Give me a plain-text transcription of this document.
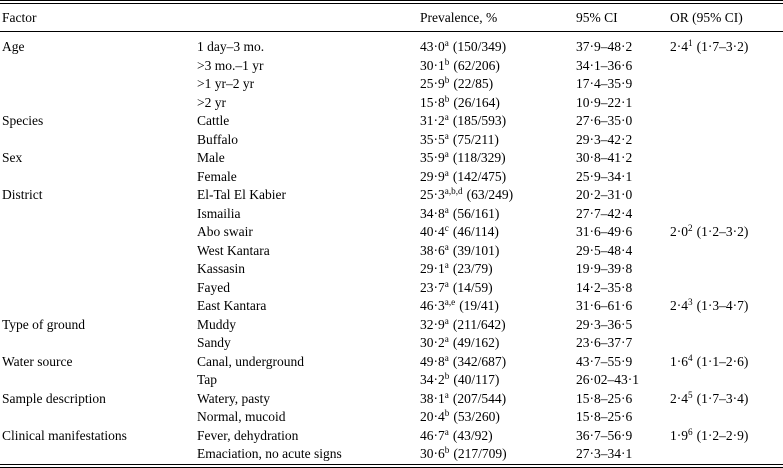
Factor		Prevalence, %	95% CI	OR (95% CI)
Age	1 day–3 mo.	$43\cdot 0^a$ (150/349)	37·9–48·2	$2\cdot 4^1$ (1·7–3·2)
	>3 mo.–1 yr	$30\cdot 1^b$ (62/206)	34·1–36·6	
	>1 yr–2 yr	$25\cdot 9^b$ (22/85)	17·4–35·9	
	>2 yr	$15\cdot 8^b$ (26/164)	10·9–22·1	
Species	Cattle	$31\cdot 2^a$ (185/593)	27·6–35·0	
	Buffalo	$35\cdot 5^a$ (75/211)	29·3–42·2	
Sex	Male	$35\cdot 9^a$ (118/329)	30·8–41·2	
	Female	$29\cdot 9^a$ (142/475)	25·9–34·1	
District	El-Tal El Kabier	$25\cdot 3^{a,b,d}$ (63/249)	20·2–31·0	
	Ismailia	$34\cdot 8^a$ (56/161)	27·7–42·4	
	Abo swair	$40\cdot 4^c$ (46/114)	31·6–49·6	$2\cdot 0^2$ (1·2–3·2)
	West Kantara	$38\cdot 6^a$ (39/101)	29·5–48·4	
	Kassasin	$29\cdot 1^a$ (23/79)	19·9–39·8	
	Fayed	$23\cdot 7^a$ (14/59)	14·2–35·8	
	East Kantara	$46\cdot 3^{a,e}$ (19/41)	31·6–61·6	$2\cdot 4^3$ (1·3–4·7)
Type of ground	Muddy	$32\cdot 9^a$ (211/642)	29·3–36·5	
	Sandy	$30\cdot 2^a$ (49/162)	23·6–37·7	
Water source	Canal, underground	$49\cdot 8^a$ (342/687)	43·7–55·9	$1\cdot 6^4$ (1·1–2·6)
	Tap	$34\cdot 2^b$ (40/117)	26·02–43·1	
Sample description	Watery, pasty	$38\cdot 1^a$ (207/544)	15·8–25·6	$2\cdot 4^5$ (1·7–3·4)
	Normal, mucoid	$20\cdot 4^b$ (53/260)	15·8–25·6	
Clinical manifestations	Fever, dehydration	$46\cdot 7^a$ (43/92)	36·7–56·9	$1\cdot 9^6$ (1·2–2·9)
	Emaciation, no acute signs	$30\cdot 6^b$ (217/709)	27·3–34·1	
